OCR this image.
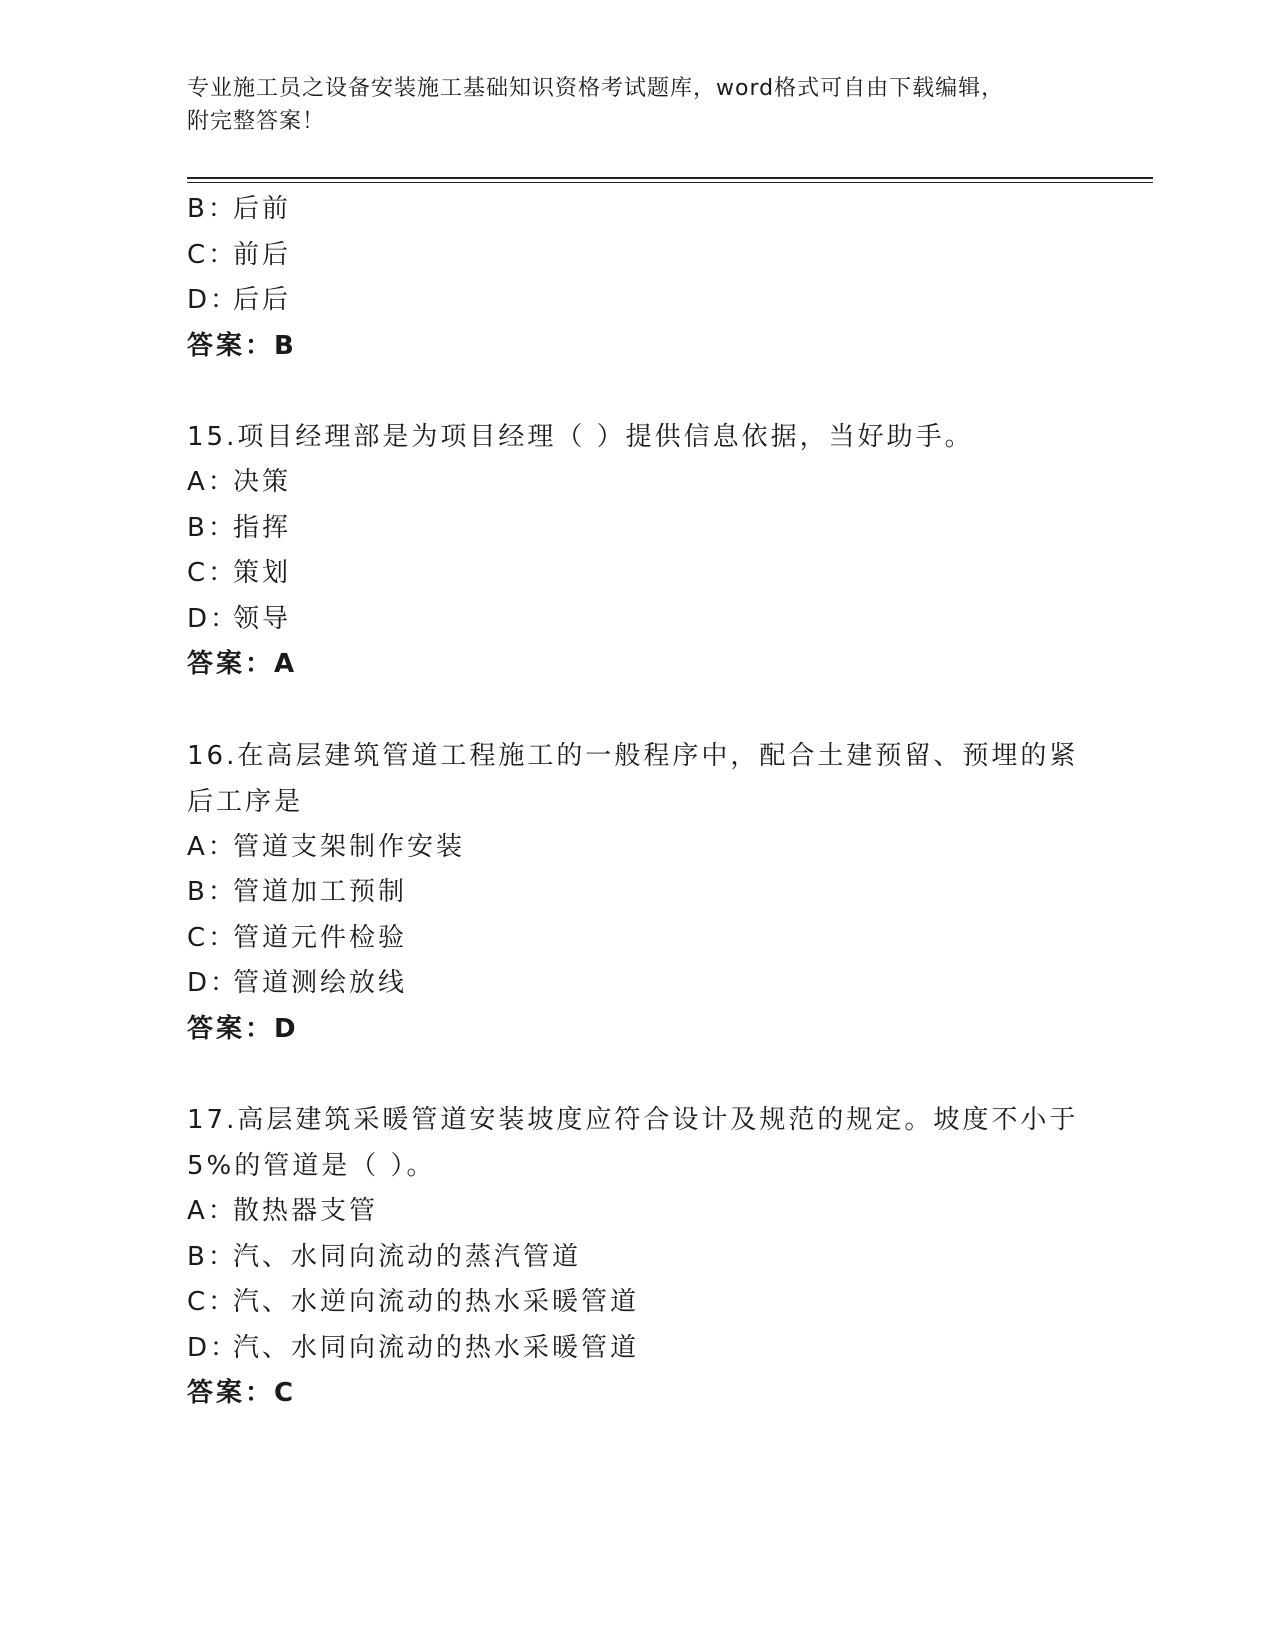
专业施工员之设备安装施工基础知识资格考试题库，word格式可自由下载编辑，
附完整答案！
B：后前
C：前后
D：后后
答案：B
15.项目经理部是为项目经理（ ）提供信息依据，当好助手。
A：决策
B：指挥
C：策划
D：领导
答案：A
16.在高层建筑管道工程施工的一般程序中，配合土建预留、预埋的紧
后工序是
A：管道支架制作安装
B：管道加工预制
C：管道元件检验
D：管道测绘放线
答案：D
17.高层建筑采暖管道安装坡度应符合设计及规范的规定。坡度不小于
5%的管道是（ ）。
A：散热器支管
B：汽、水同向流动的蒸汽管道
C：汽、水逆向流动的热水采暖管道
D：汽、水同向流动的热水采暖管道
答案：C
